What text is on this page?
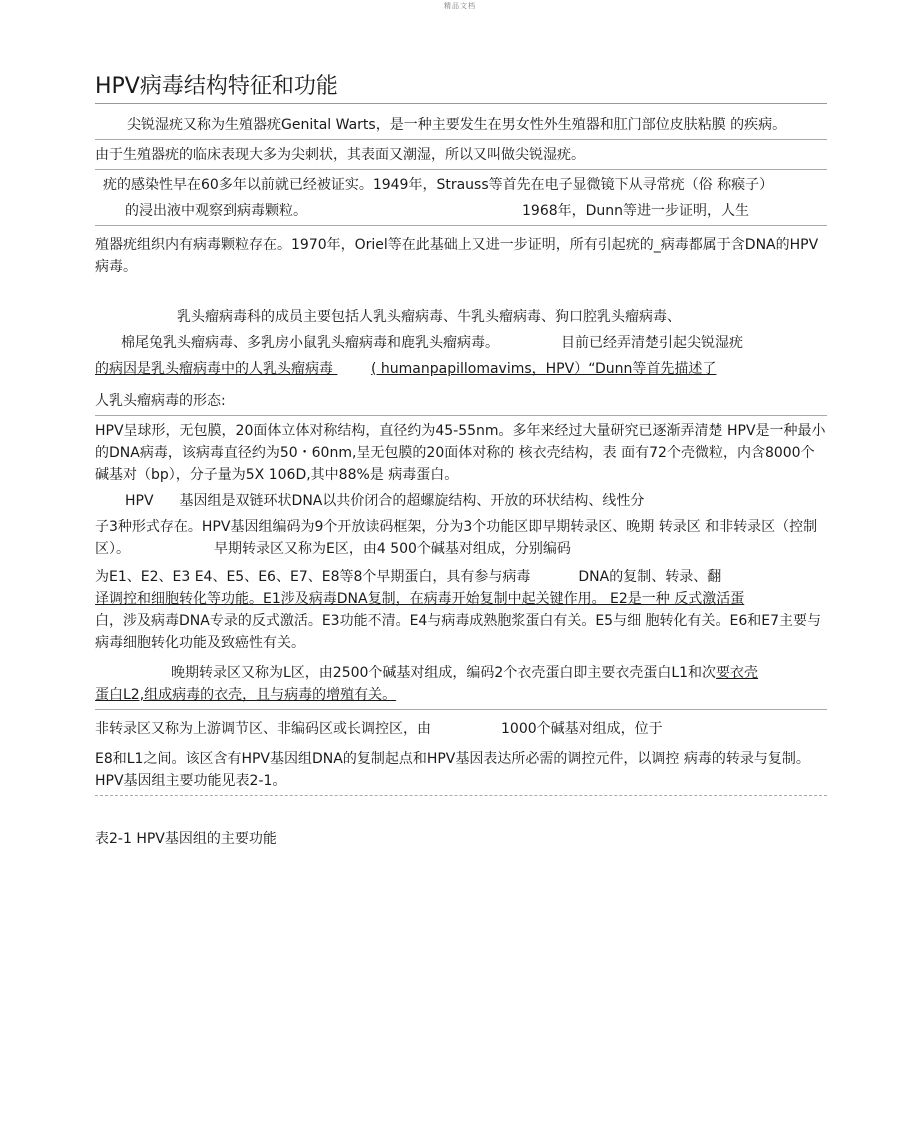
精品文档
HPV病毒结构特征和功能

尖锐湿疣又称为生殖器疣Genital Warts，是一种主要发生在男女性外生殖器和肛门部位皮肤粘膜 的疾病。

由于生殖器疣的临床表现大多为尖刺状，其表面又潮湿，所以又叫做尖锐湿疣。

疣的感染性早在60多年以前就已经被证实。1949年，Strauss等首先在电子显微镜下从寻常疣（俗 称瘊子）

的浸出液中观察到病毒颗粒。	1968年，Dunn等进一步证明，人生

殖器疣组织内有病毒颗粒存在。1970年，Oriel等在此基础上又进一步证明，所有引起疣的_病毒都属于含DNA的HPV病毒。

乳头瘤病毒科的成员主要包括人乳头瘤病毒、牛乳头瘤病毒、狗口腔乳头瘤病毒、

棉尾兔乳头瘤病毒、多乳房小鼠乳头瘤病毒和鹿乳头瘤病毒。	目前已经弄清楚引起尖锐湿疣

的病因是乳头瘤病毒中的人乳头瘤病毒	( humanpapillomavims，HPV）“Dunn等首先描述了

人乳头瘤病毒的形态:

HPV呈球形，无包膜，20面体立体对称结构，直径约为45-55nm。多年来经过大量研究已逐渐弄清楚 HPV是一种最小的DNA病毒，该病毒直径约为50・60nm,呈无包膜的20面体对称的 核衣壳结构，表 面有72个壳微粒，内含8000个碱基对（bp），分子量为5X 106D,其中88%是 病毒蛋白。

HPV 基因组是双链环状DNA以共价闭合的超螺旋结构、开放的环状结构、线性分

子3种形式存在。HPV基因组编码为9个开放读码框架，分为3个功能区即早期转录区、晚期 转录区 和非转录区（控制区）。	早期转录区又称为E区，由4 500个碱基对组成，分别编码

为E1、E2、E3 E4、E5、E6、E7、E8等8个早期蛋白，具有参与病毒	DNA的复制、转录、翻

译调控和细胞转化等功能。E1涉及病毒DNA复制，在病毒开始复制中起关键作用。 E2是一种 反式激活蛋

白，涉及病毒DNA专录的反式激活。E3功能不清。E4与病毒成熟胞浆蛋白有关。E5与细 胞转化有关。E6和E7主要与病毒细胞转化功能及致癌性有关。

晚期转录区又称为L区，由2500个碱基对组成，编码2个衣壳蛋白即主要衣壳蛋白L1和次要衣壳

蛋白L2,组成病毒的衣壳，且与病毒的增殖有关。

非转录区又称为上游调节区、非编码区或长调控区，由	1000个碱基对组成，位于

E8和L1之间。该区含有HPV基因组DNA的复制起点和HPV基因表达所必需的调控元件，以调控 病毒的转录与复制。HPV基因组主要功能见表2-1。

表2-1 HPV基因组的主要功能
